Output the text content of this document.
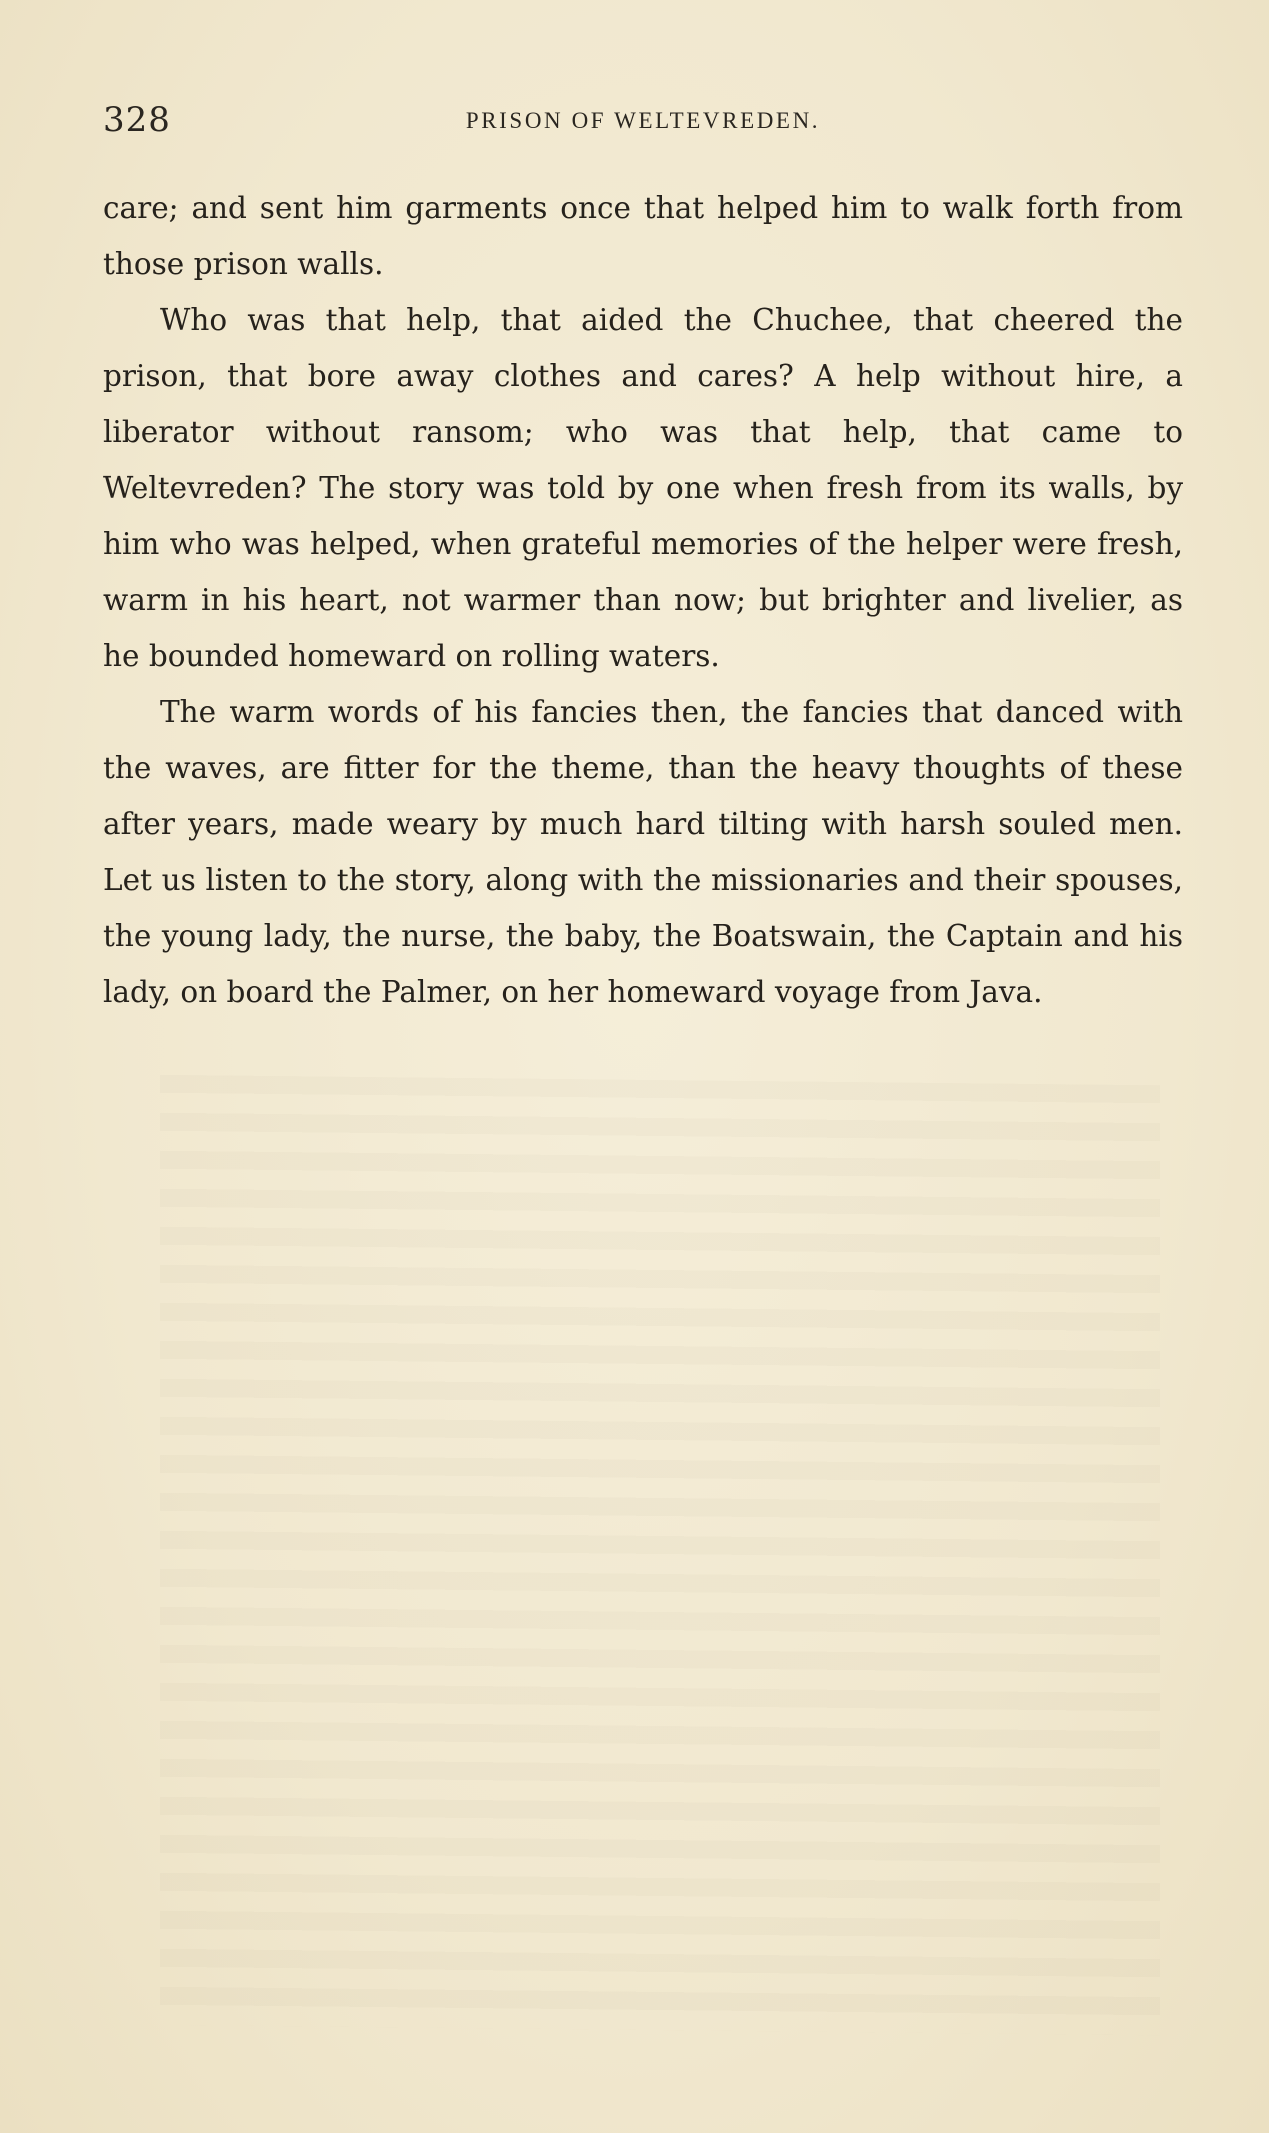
328	PRISON OF WELTEVREDEN.

care; and sent him garments once that helped him to walk forth from those prison walls.

Who was that help, that aided the Chuchee, that cheered the prison, that bore away clothes and cares? A help without hire, a liberator without ransom; who was that help, that came to Weltevreden? The story was told by one when fresh from its walls, by him who was helped, when grateful memories of the helper were fresh, warm in his heart, not warmer than now; but brighter and livelier, as he bounded homeward on rolling waters.

The warm words of his fancies then, the fancies that danced with the waves, are fitter for the theme, than the heavy thoughts of these after years, made weary by much hard tilting with harsh souled men. Let us listen to the story, along with the missionaries and their spouses, the young lady, the nurse, the baby, the Boatswain, the Captain and his lady, on board the Palmer, on her homeward voyage from Java.
